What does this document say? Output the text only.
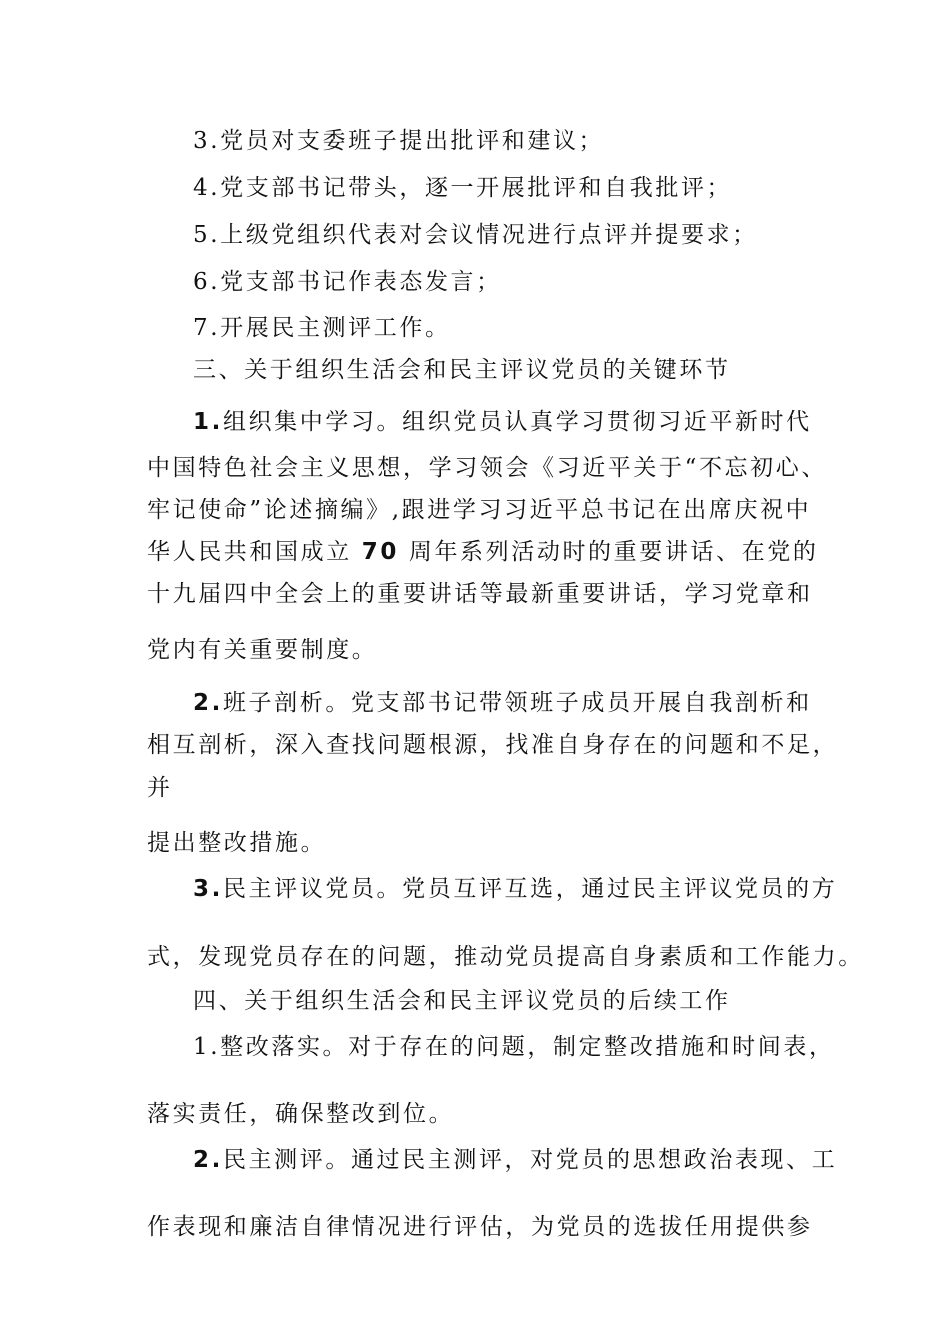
3.党员对支委班子提出批评和建议；
4.党支部书记带头，逐一开展批评和自我批评；
5.上级党组织代表对会议情况进行点评并提要求；
6.党支部书记作表态发言；
7.开展民主测评工作。
三、关于组织生活会和民主评议党员的关键环节
1.组织集中学习。组织党员认真学习贯彻习近平新时代
中国特色社会主义思想，学习领会《习近平关于“不忘初心、
牢记使命”论述摘编》,跟进学习习近平总书记在出席庆祝中
华人民共和国成立 70 周年系列活动时的重要讲话、在党的
十九届四中全会上的重要讲话等最新重要讲话，学习党章和
党内有关重要制度。
2.班子剖析。党支部书记带领班子成员开展自我剖析和
相互剖析，深入查找问题根源，找准自身存在的问题和不足，
并
提出整改措施。
3.民主评议党员。党员互评互选，通过民主评议党员的方
式，发现党员存在的问题，推动党员提高自身素质和工作能力。
四、关于组织生活会和民主评议党员的后续工作
1.整改落实。对于存在的问题，制定整改措施和时间表，
落实责任，确保整改到位。
2.民主测评。通过民主测评，对党员的思想政治表现、工
作表现和廉洁自律情况进行评估，为党员的选拔任用提供参
